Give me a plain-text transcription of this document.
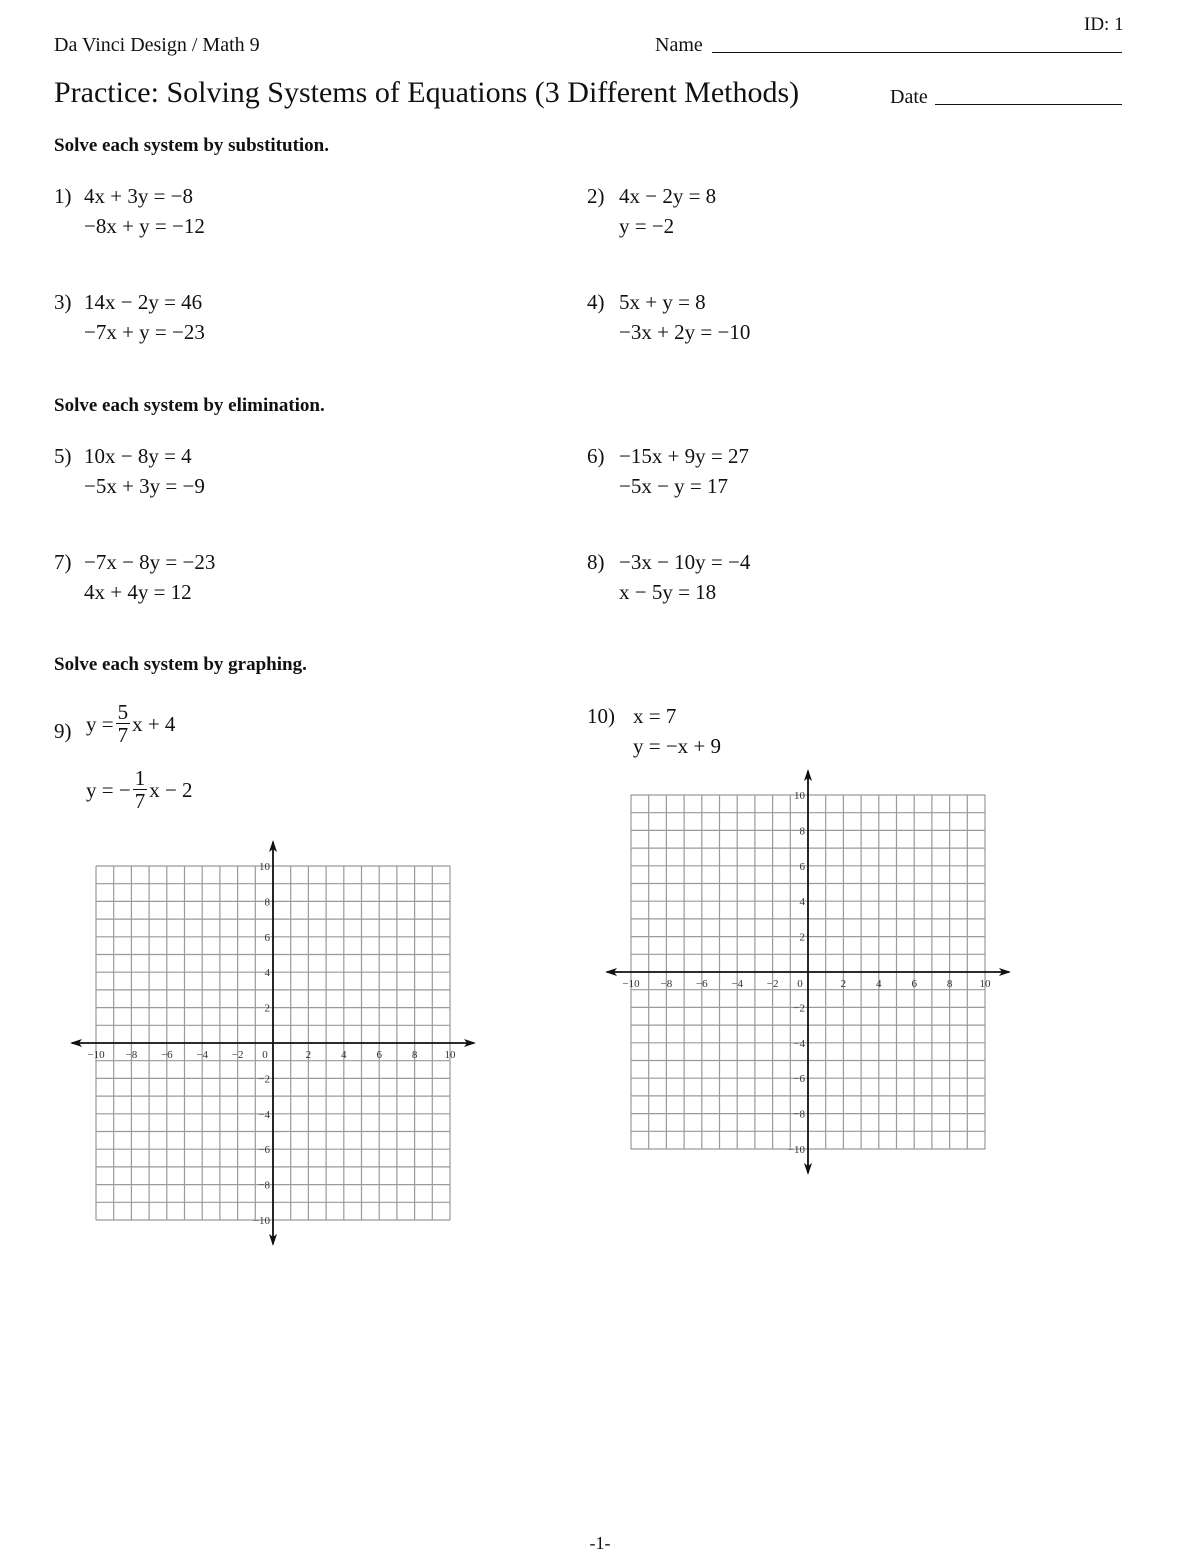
ID: 1
Da Vinci Design / Math 9	Name
Practice: Solving Systems of Equations (3 Different Methods)	Date
Solve each system by substitution.
1) 4x + 3y = −8
−8x + y = −12
2) 4x − 2y = 8
y = −2
3) 14x − 2y = 46
−7x + y = −23
4) 5x + y = 8
−3x + 2y = −10
Solve each system by elimination.
5) 10x − 8y = 4
−5x + 3y = −9
6) −15x + 9y = 27
−5x − y = 17
7) −7x − 8y = −23
4x + 4y = 12
8) −3x − 10y = −4
x − 5y = 18
Solve each system by graphing.
9) $y = \frac{5}{7}$ x + 4
y = − $\frac{1}{7}$ x − 2
10) x = 7
y = −x + 9
−10 −8 −6 −4 −2 0	2	4	6	8 10
10
8
6
4
2
−2
−4
−6
−8
−10
−10 −8 −6 −4 −2 0	2	4	6	8 10
10
8
6
4
2
−2
−4
−6
−8
−10
-1-
